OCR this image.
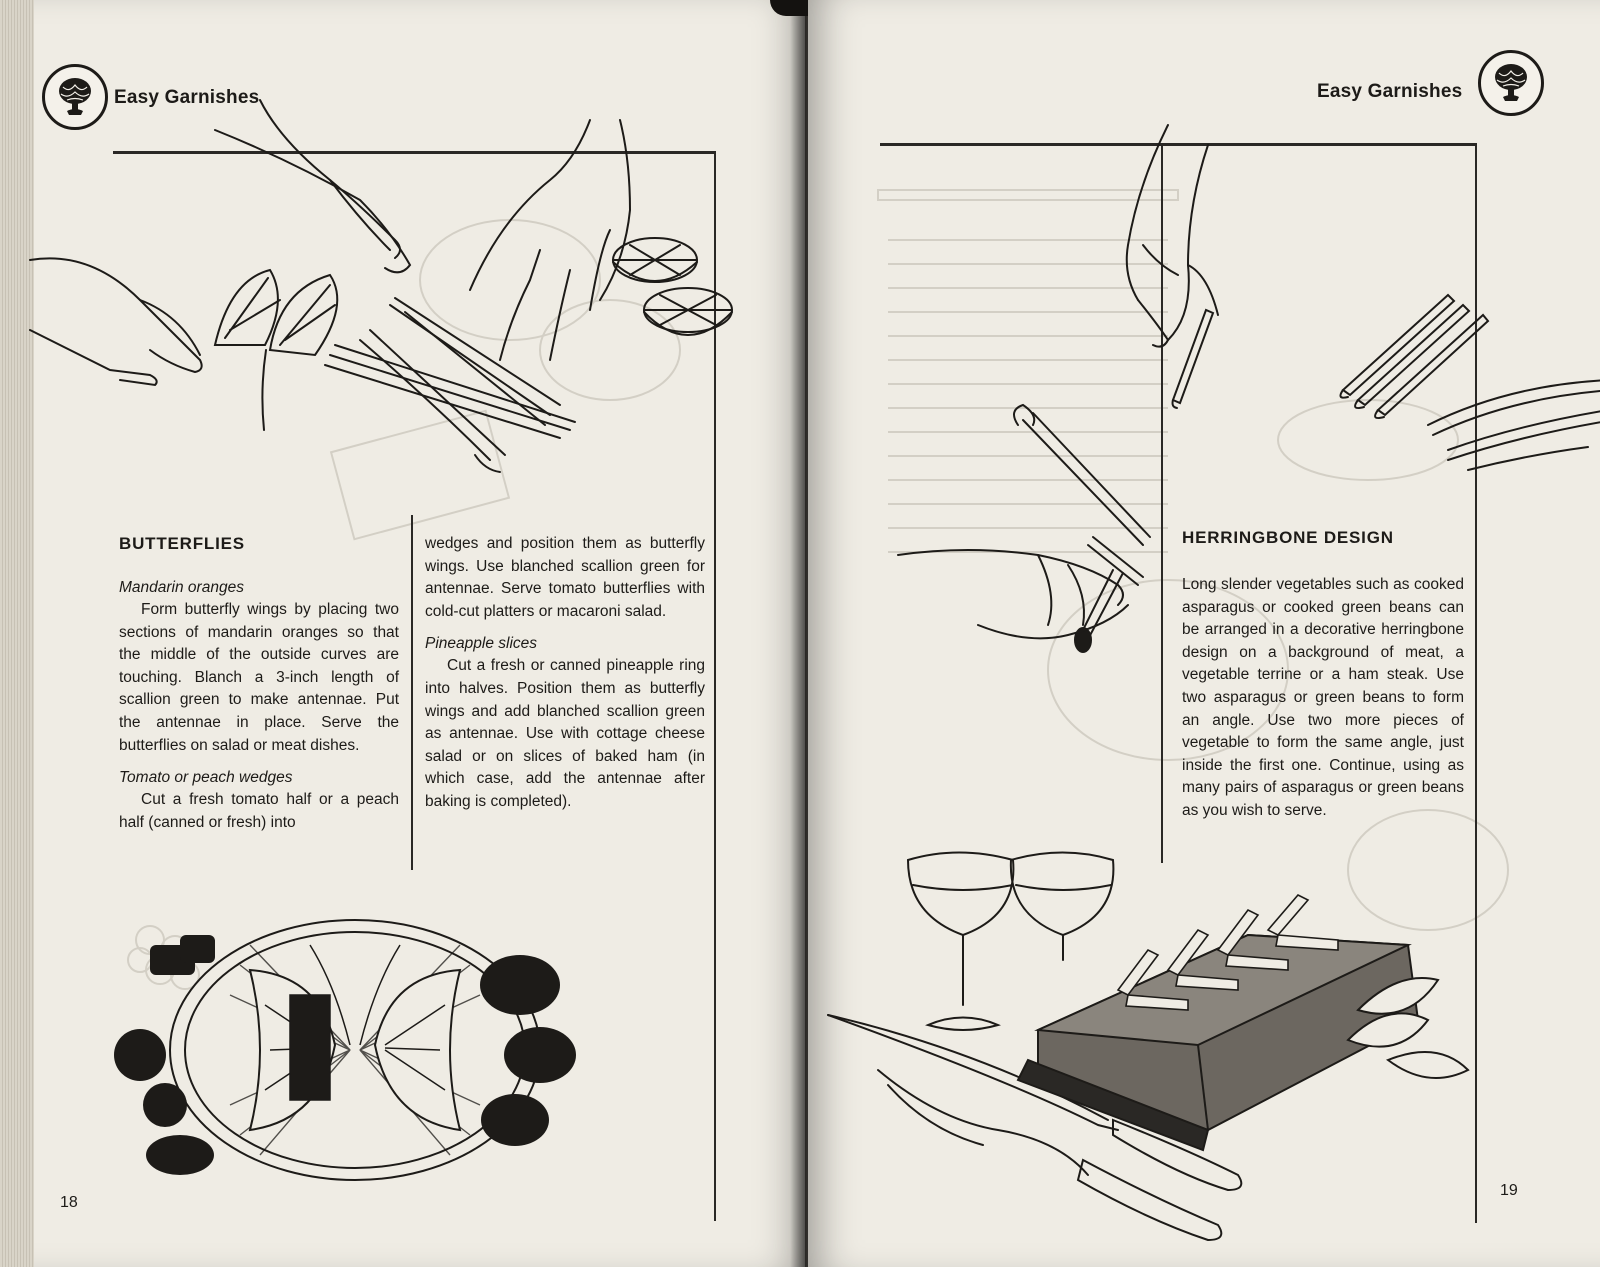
Easy Garnishes
BUTTERFLIES
Mandarin oranges

Form butterfly wings by placing two sections of mandarin oranges so that the middle of the outside curves are touching. Blanch a 3-inch length of scallion green to make antennae. Put the antennae in place. Serve the butterflies on salad or meat dishes.

Tomato or peach wedges

Cut a fresh tomato half or a peach half (canned or fresh) into

wedges and position them as butterfly wings. Use blanched scallion green for antennae. Serve tomato butterflies with cold-cut platters or macaroni salad.

Pineapple slices

Cut a fresh or canned pineapple ring into halves. Position them as butterfly wings and add blanched scallion green as antennae. Use with cottage cheese salad or on slices of baked ham (in which case, add the antennae after baking is completed).

18
Easy Garnishes
HERRINGBONE DESIGN

Long slender vegetables such as cooked asparagus or cooked green beans can be arranged in a decorative herringbone design on a background of meat, a vegetable terrine or a ham steak. Use two asparagus or green beans to form an angle. Use two more pieces of vegetable to form the same angle, just inside the first one. Continue, using as many pairs of asparagus or green beans as you wish to serve.

19
